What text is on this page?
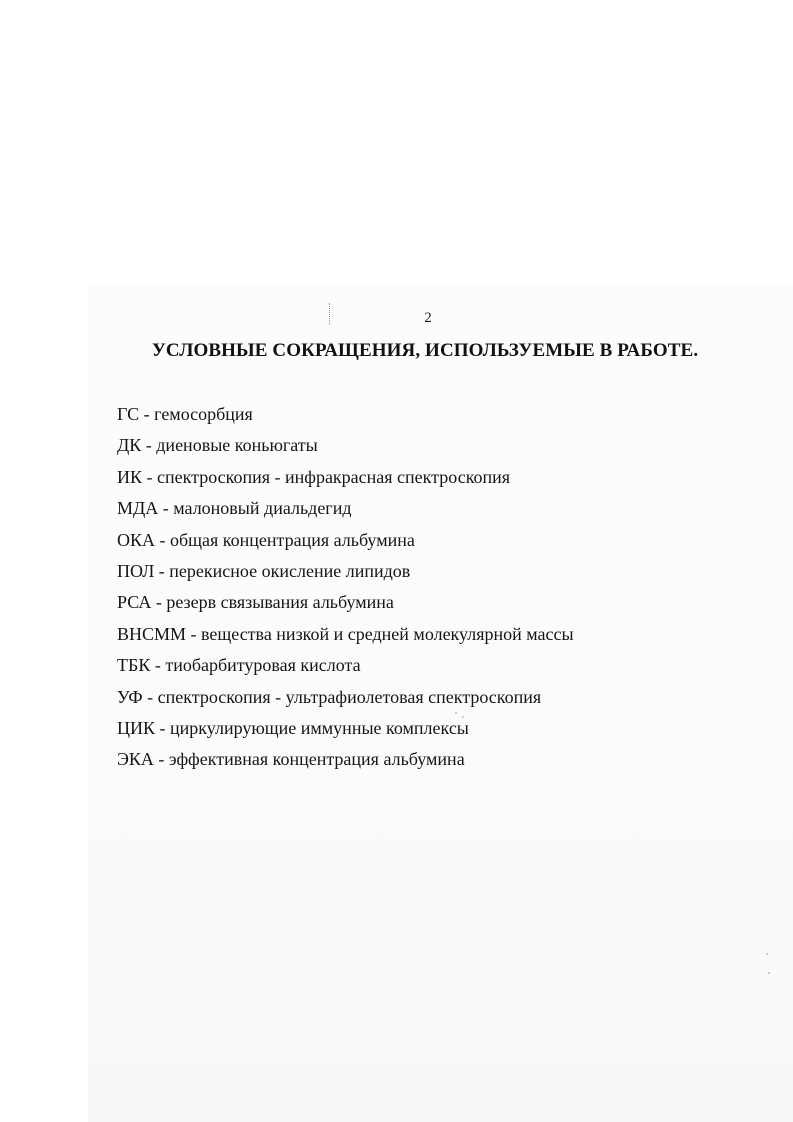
2
УСЛОВНЫЕ СОКРАЩЕНИЯ, ИСПОЛЬЗУЕМЫЕ В РАБОТЕ.
ГС - гемосорбция
ДК - диеновые коньюгаты
ИК - спектроскопия - инфракрасная спектроскопия
МДА - малоновый диальдегид
ОКА - общая концентрация альбумина
ПОЛ - перекисное окисление липидов
РСА - резерв связывания альбумина
ВНСММ - вещества низкой и средней молекулярной массы
ТБК - тиобарбитуровая кислота
УФ - спектроскопия - ультрафиолетовая спектроскопия
ЦИК - циркулирующие иммунные комплексы
ЭКА - эффективная концентрация альбумина
